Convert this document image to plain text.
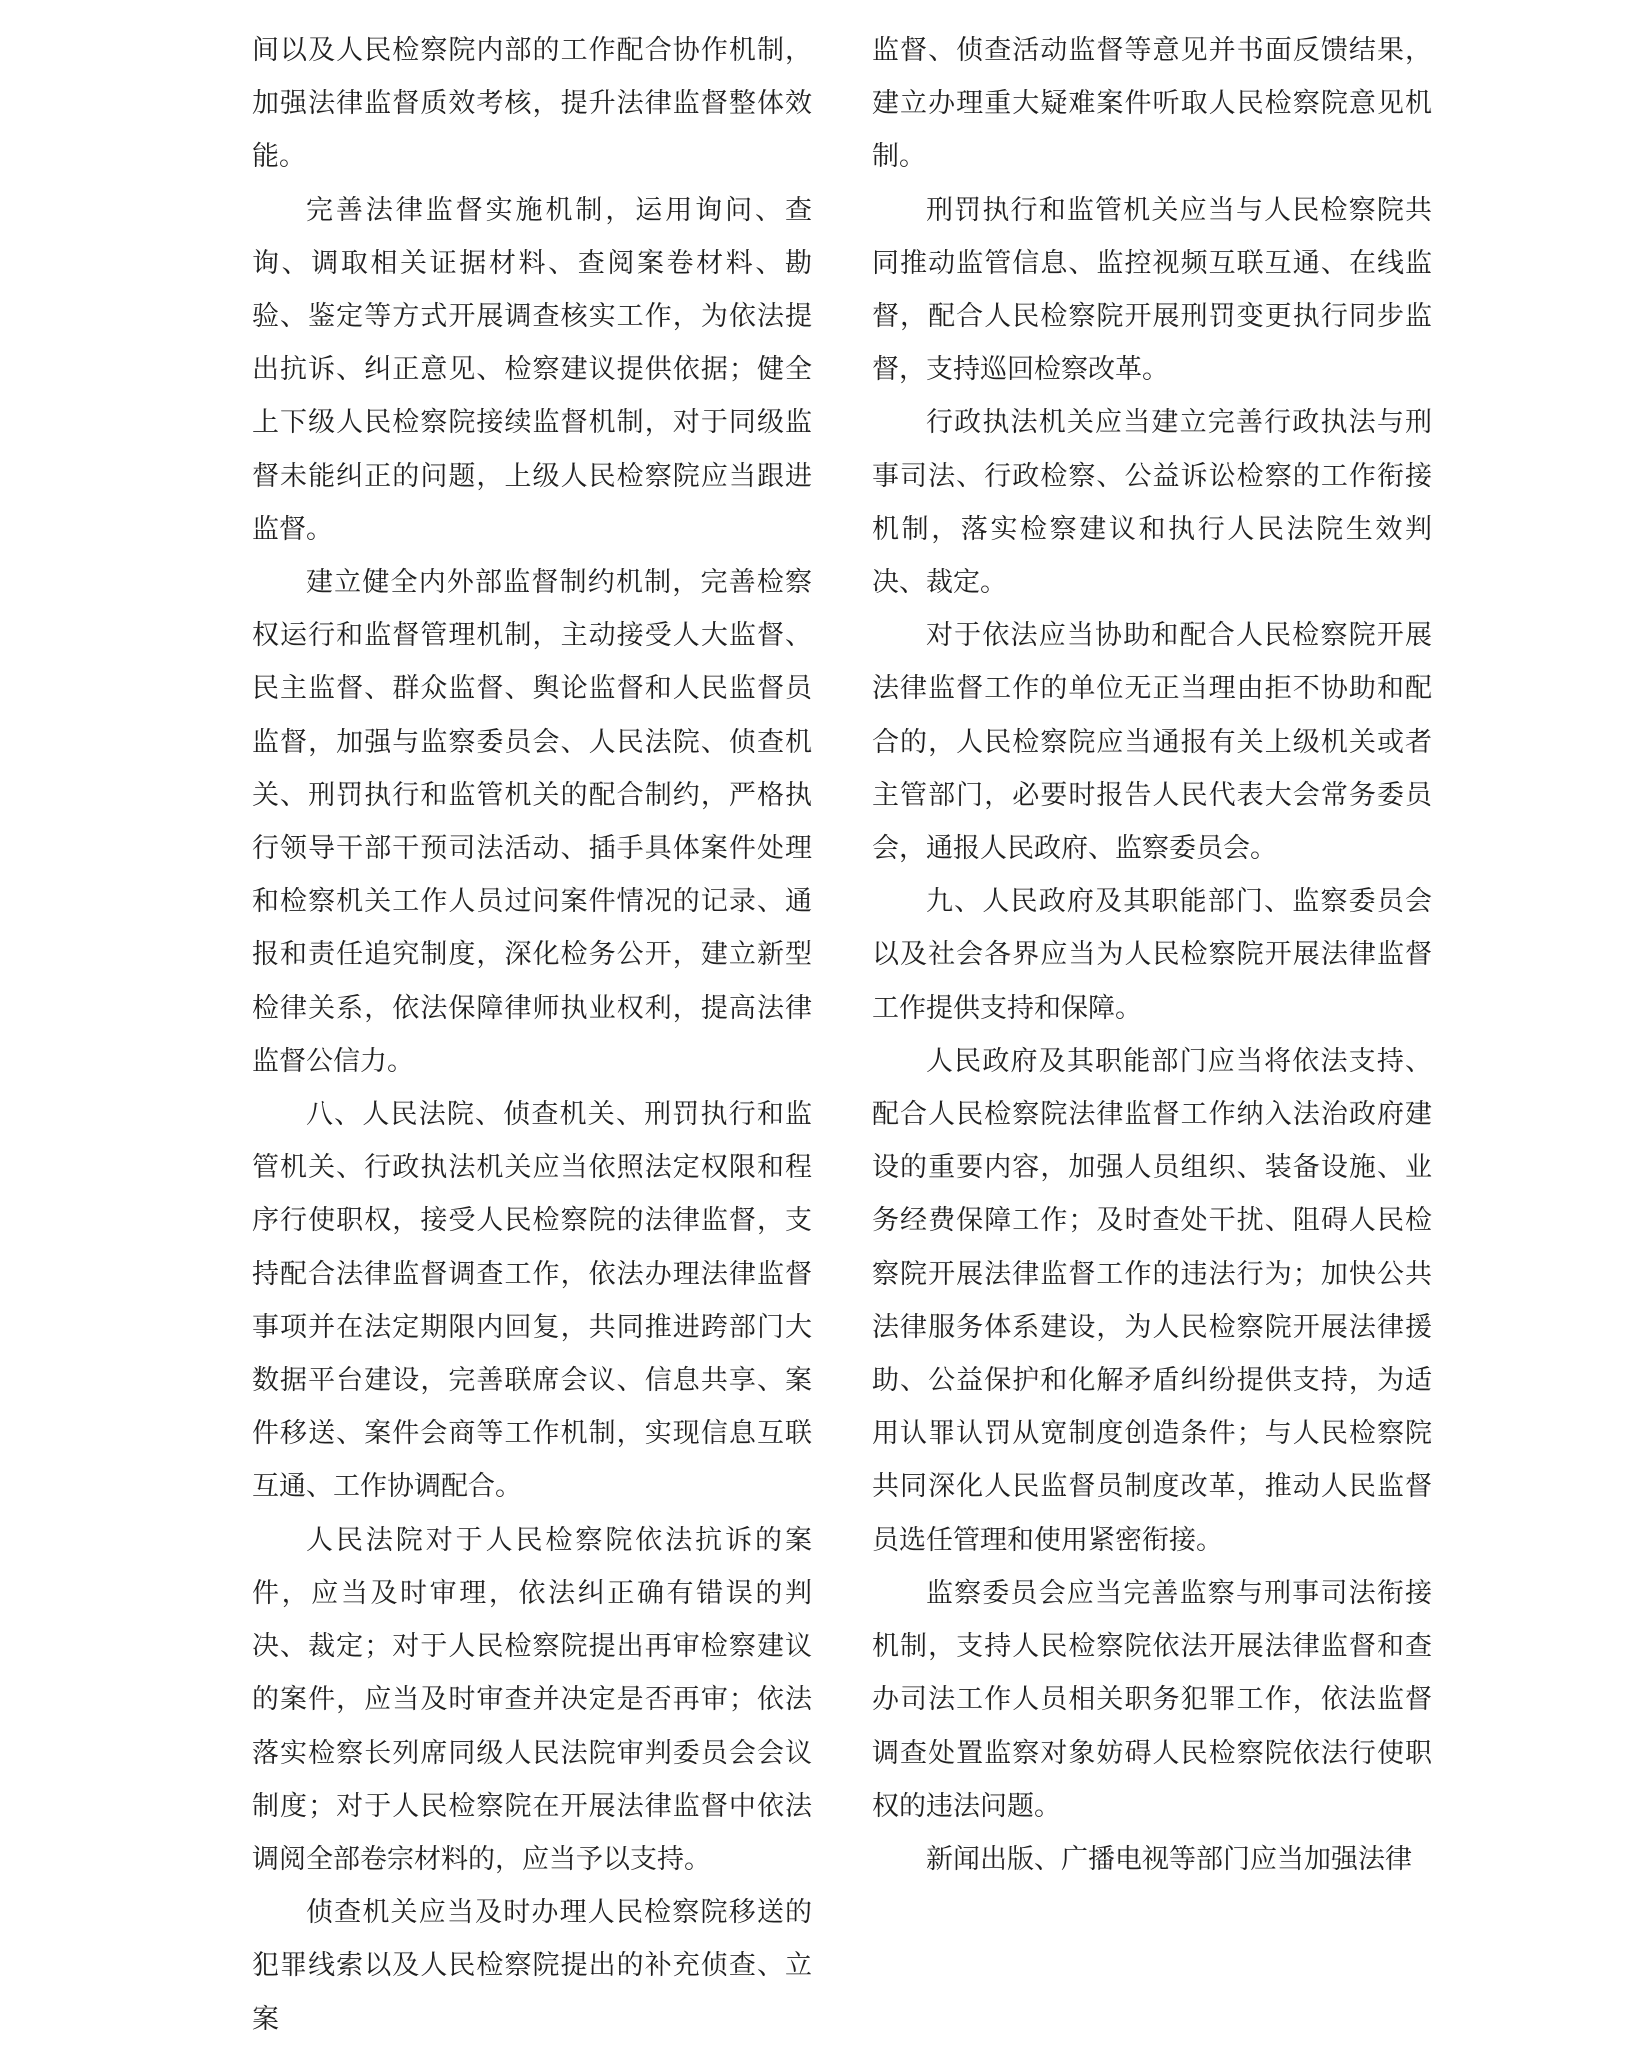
间以及人民检察院内部的工作配合协作机制，加强法律监督质效考核，提升法律监督整体效能。

完善法律监督实施机制，运用询问、查询、调取相关证据材料、查阅案卷材料、勘验、鉴定等方式开展调查核实工作，为依法提出抗诉、纠正意见、检察建议提供依据；健全上下级人民检察院接续监督机制，对于同级监督未能纠正的问题，上级人民检察院应当跟进监督。

建立健全内外部监督制约机制，完善检察权运行和监督管理机制，主动接受人大监督、民主监督、群众监督、舆论监督和人民监督员监督，加强与监察委员会、人民法院、侦查机关、刑罚执行和监管机关的配合制约，严格执行领导干部干预司法活动、插手具体案件处理和检察机关工作人员过问案件情况的记录、通报和责任追究制度，深化检务公开，建立新型检律关系，依法保障律师执业权利，提高法律监督公信力。

八、人民法院、侦查机关、刑罚执行和监管机关、行政执法机关应当依照法定权限和程序行使职权，接受人民检察院的法律监督，支持配合法律监督调查工作，依法办理法律监督事项并在法定期限内回复，共同推进跨部门大数据平台建设，完善联席会议、信息共享、案件移送、案件会商等工作机制，实现信息互联互通、工作协调配合。

人民法院对于人民检察院依法抗诉的案件，应当及时审理，依法纠正确有错误的判决、裁定；对于人民检察院提出再审检察建议的案件，应当及时审查并决定是否再审；依法落实检察长列席同级人民法院审判委员会会议制度；对于人民检察院在开展法律监督中依法调阅全部卷宗材料的，应当予以支持。

侦查机关应当及时办理人民检察院移送的犯罪线索以及人民检察院提出的补充侦查、立案

监督、侦查活动监督等意见并书面反馈结果，建立办理重大疑难案件听取人民检察院意见机制。

刑罚执行和监管机关应当与人民检察院共同推动监管信息、监控视频互联互通、在线监督，配合人民检察院开展刑罚变更执行同步监督，支持巡回检察改革。

行政执法机关应当建立完善行政执法与刑事司法、行政检察、公益诉讼检察的工作衔接机制，落实检察建议和执行人民法院生效判决、裁定。

对于依法应当协助和配合人民检察院开展法律监督工作的单位无正当理由拒不协助和配合的，人民检察院应当通报有关上级机关或者主管部门，必要时报告人民代表大会常务委员会，通报人民政府、监察委员会。

九、人民政府及其职能部门、监察委员会以及社会各界应当为人民检察院开展法律监督工作提供支持和保障。

人民政府及其职能部门应当将依法支持、配合人民检察院法律监督工作纳入法治政府建设的重要内容，加强人员组织、装备设施、业务经费保障工作；及时查处干扰、阻碍人民检察院开展法律监督工作的违法行为；加快公共法律服务体系建设，为人民检察院开展法律援助、公益保护和化解矛盾纠纷提供支持，为适用认罪认罚从宽制度创造条件；与人民检察院共同深化人民监督员制度改革，推动人民监督员选任管理和使用紧密衔接。

监察委员会应当完善监察与刑事司法衔接机制，支持人民检察院依法开展法律监督和查办司法工作人员相关职务犯罪工作，依法监督调查处置监察对象妨碍人民检察院依法行使职权的违法问题。

新闻出版、广播电视等部门应当加强法律
